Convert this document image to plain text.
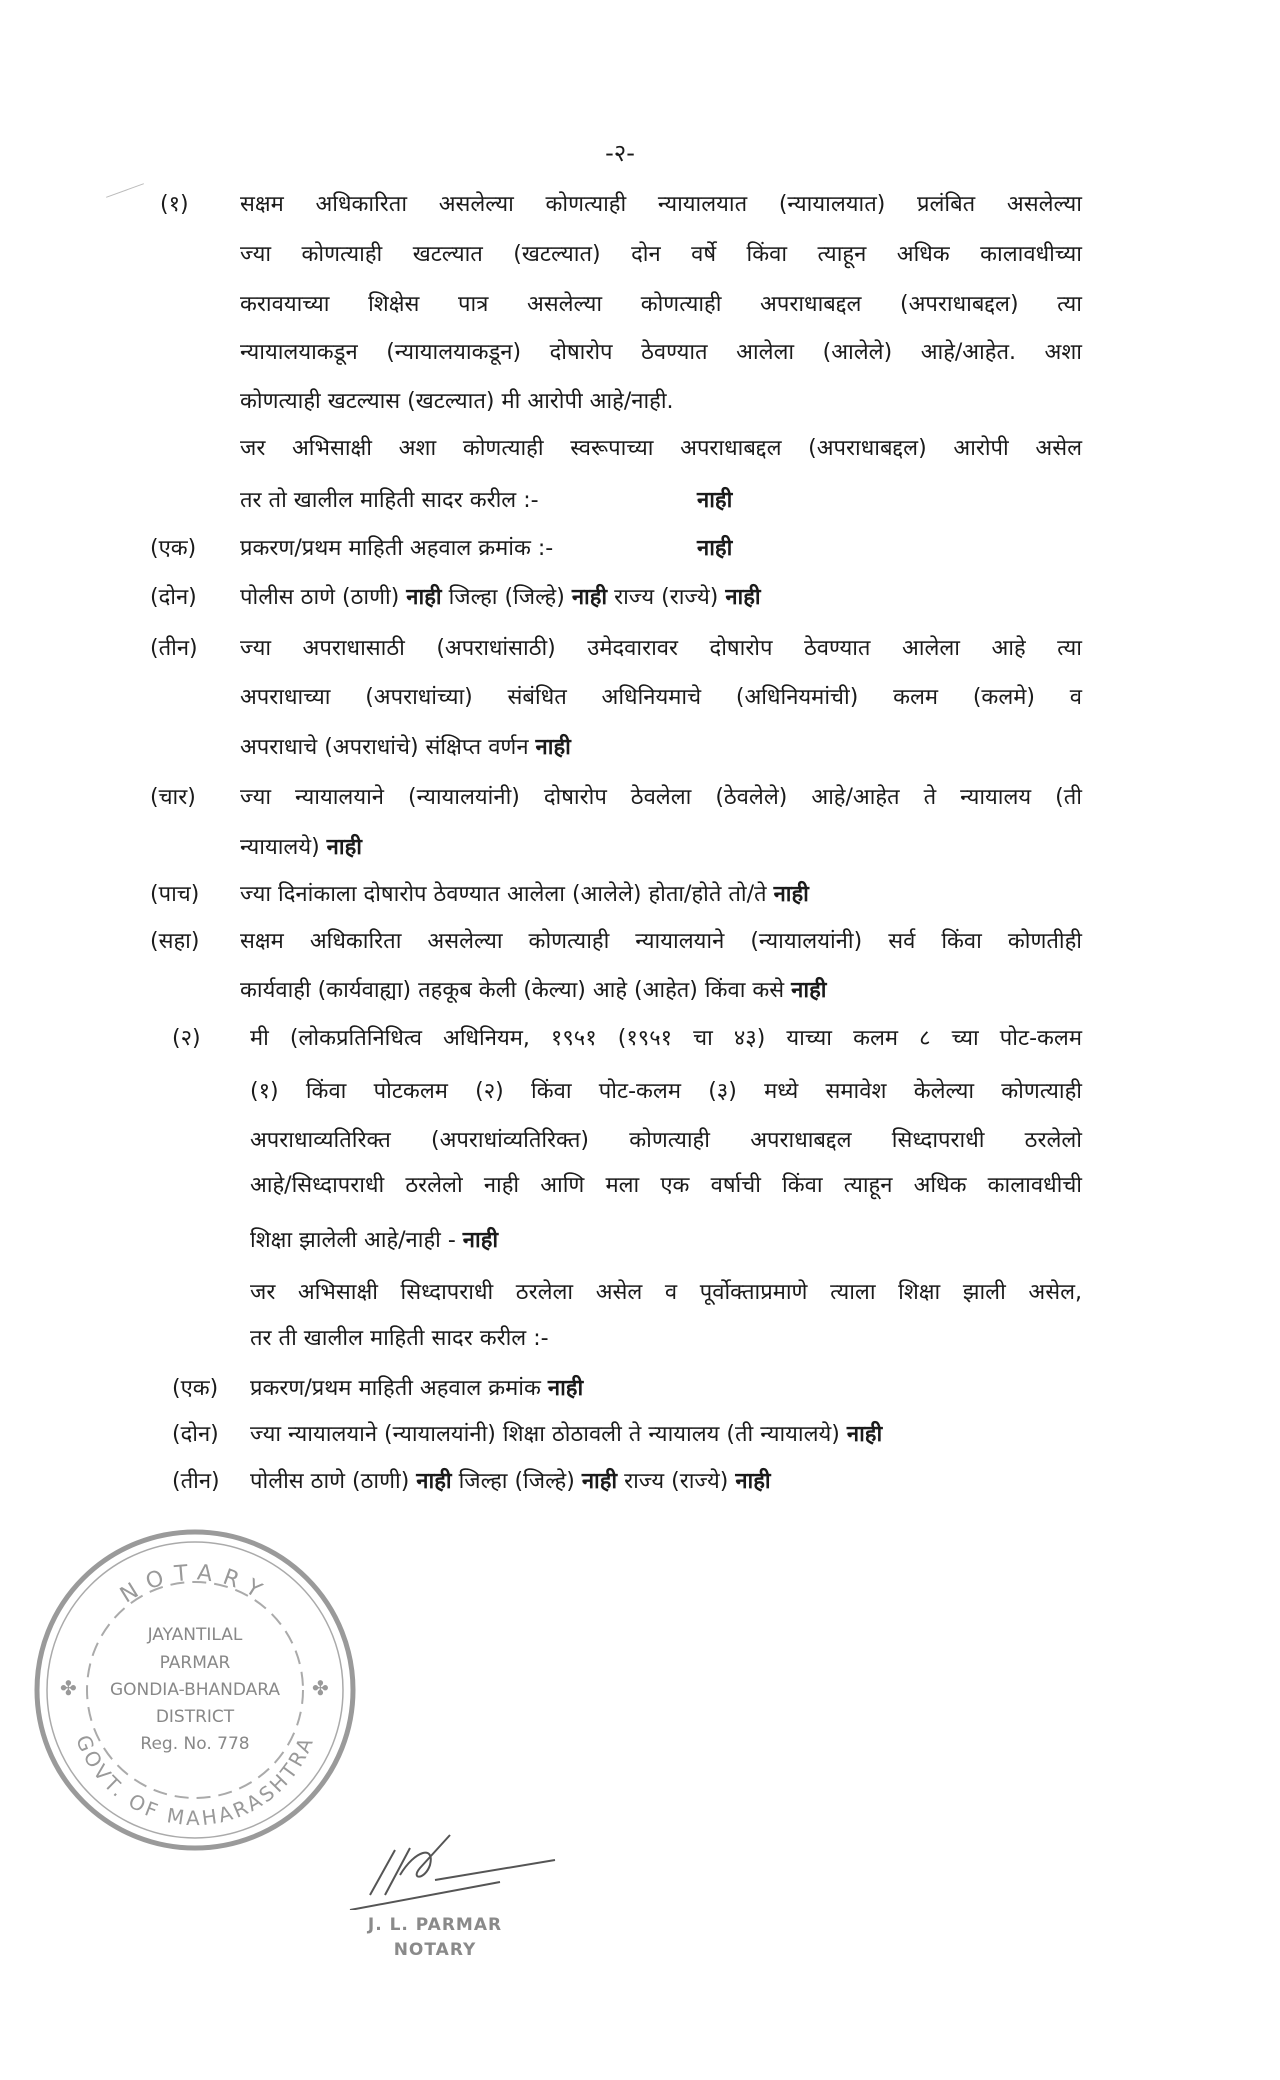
-२-
(१) सक्षम अधिकारिता असलेल्या कोणत्याही न्यायालयात (न्यायालयात) प्रलंबित असलेल्या
ज्या कोणत्याही खटल्यात (खटल्यात) दोन वर्षे किंवा त्याहून अधिक कालावधीच्या
करावयाच्या शिक्षेस पात्र असलेल्या कोणत्याही अपराधाबद्दल (अपराधाबद्दल) त्या
न्यायालयाकडून (न्यायालयाकडून) दोषारोप ठेवण्यात आलेला (आलेले) आहे/आहेत. अशा
कोणत्याही खटल्यास (खटल्यात) मी आरोपी आहे/नाही.
जर अभिसाक्षी अशा कोणत्याही स्वरूपाच्या अपराधाबद्दल (अपराधाबद्दल) आरोपी असेल
तर तो खालील माहिती सादर करील :-	नाही
(एक) प्रकरण/प्रथम माहिती अहवाल क्रमांक :-	नाही
(दोन) पोलीस ठाणे (ठाणी) नाही जिल्हा (जिल्हे) नाही राज्य (राज्ये) नाही
(तीन) ज्या अपराधासाठी (अपराधांसाठी) उमेदवारावर दोषारोप ठेवण्यात आलेला आहे त्या
अपराधाच्या (अपराधांच्या) संबंधित अधिनियमाचे (अधिनियमांची) कलम (कलमे) व
अपराधाचे (अपराधांचे) संक्षिप्त वर्णन नाही
(चार) ज्या न्यायालयाने (न्यायालयांनी) दोषारोप ठेवलेला (ठेवलेले) आहे/आहेत ते न्यायालय (ती
न्यायालये) नाही
(पाच) ज्या दिनांकाला दोषारोप ठेवण्यात आलेला (आलेले) होता/होते तो/ते नाही
(सहा) सक्षम अधिकारिता असलेल्या कोणत्याही न्यायालयाने (न्यायालयांनी) सर्व किंवा कोणतीही
कार्यवाही (कार्यवाह्या) तहकूब केली (केल्या) आहे (आहेत) किंवा कसे नाही
(२) मी (लोकप्रतिनिधित्व अधिनियम, १९५१ (१९५१ चा ४३) याच्या कलम ८ च्या पोट-कलम
(१) किंवा पोटकलम (२) किंवा पोट-कलम (३) मध्ये समावेश केलेल्या कोणत्याही
अपराधाव्यतिरिक्त (अपराधांव्यतिरिक्त) कोणत्याही अपराधाबद्दल सिध्दापराधी ठरलेलो
आहे/सिध्दापराधी ठरलेलो नाही आणि मला एक वर्षाची किंवा त्याहून अधिक कालावधीची
शिक्षा झालेली आहे/नाही - नाही
जर अभिसाक्षी सिध्दापराधी ठरलेला असेल व पूर्वोक्ताप्रमाणे त्याला शिक्षा झाली असेल,
तर ती खालील माहिती सादर करील :-
(एक) प्रकरण/प्रथम माहिती अहवाल क्रमांक नाही
(दोन) ज्या न्यायालयाने (न्यायालयांनी) शिक्षा ठोठावली ते न्यायालय (ती न्यायालये) नाही
(तीन) पोलीस ठाणे (ठाणी) नाही जिल्हा (जिल्हे) नाही राज्य (राज्ये) नाही
NOTARY
GOVT. OF MAHARASHTRA
JAYANTILAL
PARMAR
GONDIA-BHANDARA
DISTRICT
Reg. No. 778
✤	✤
J. L. PARMAR
NOTARY
